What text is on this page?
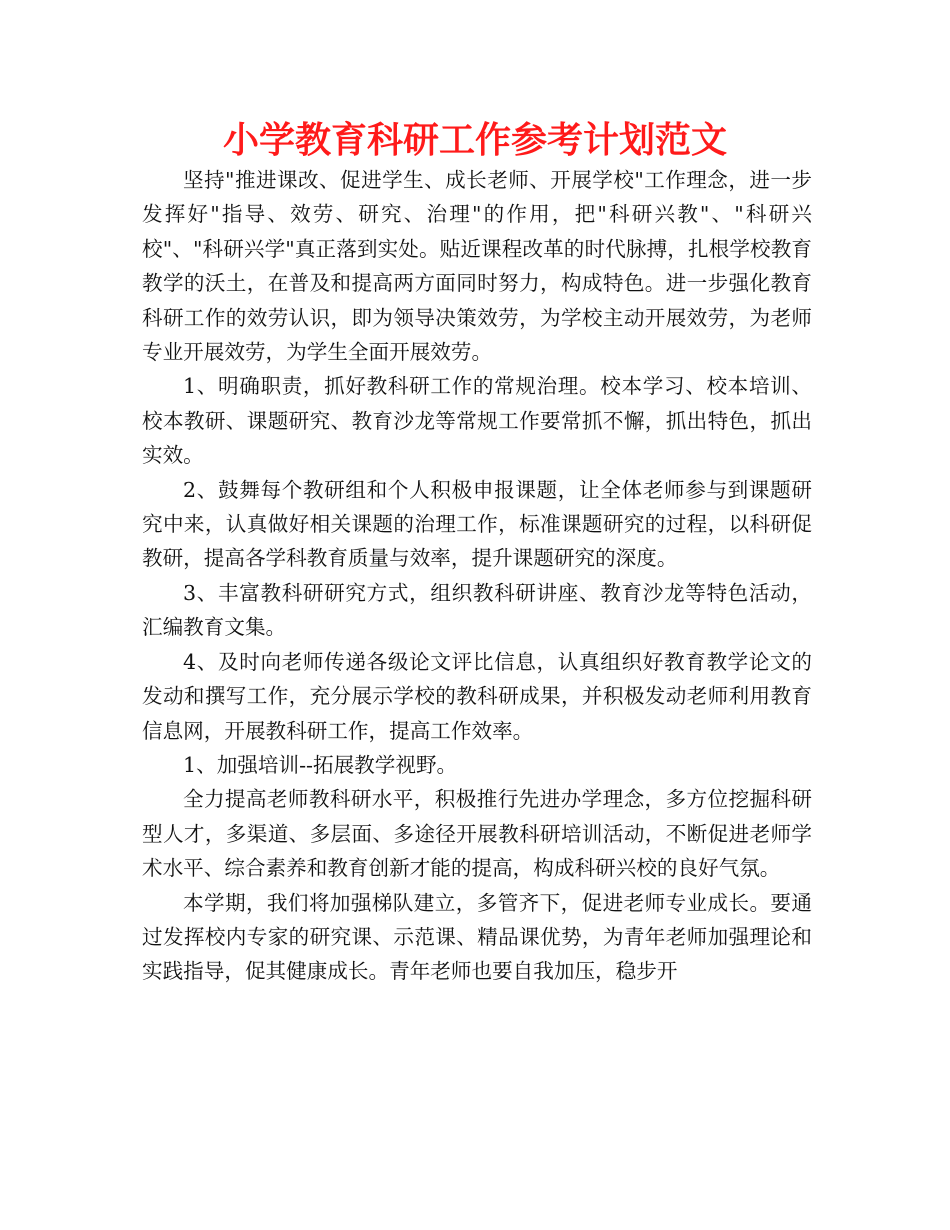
小学教育科研工作参考计划范文

坚持"推进课改、促进学生、成长老师、开展学校"工作理念，进一步发挥好"指导、效劳、研究、治理"的作用，把"科研兴教"、"科研兴校"、"科研兴学"真正落到实处。贴近课程改革的时代脉搏，扎根学校教育教学的沃土，在普及和提高两方面同时努力，构成特色。进一步强化教育科研工作的效劳认识，即为领导决策效劳，为学校主动开展效劳，为老师专业开展效劳，为学生全面开展效劳。

1、明确职责，抓好教科研工作的常规治理。校本学习、校本培训、校本教研、课题研究、教育沙龙等常规工作要常抓不懈，抓出特色，抓出实效。

2、鼓舞每个教研组和个人积极申报课题，让全体老师参与到课题研究中来，认真做好相关课题的治理工作，标准课题研究的过程，以科研促教研，提高各学科教育质量与效率，提升课题研究的深度。

3、丰富教科研研究方式，组织教科研讲座、教育沙龙等特色活动，汇编教育文集。

4、及时向老师传递各级论文评比信息，认真组织好教育教学论文的发动和撰写工作，充分展示学校的教科研成果，并积极发动老师利用教育信息网，开展教科研工作，提高工作效率。

1、加强培训--拓展教学视野。

全力提高老师教科研水平，积极推行先进办学理念，多方位挖掘科研型人才，多渠道、多层面、多途径开展教科研培训活动，不断促进老师学术水平、综合素养和教育创新才能的提高，构成科研兴校的良好气氛。

本学期，我们将加强梯队建立，多管齐下，促进老师专业成长。要通过发挥校内专家的研究课、示范课、精品课优势，为青年老师加强理论和实践指导，促其健康成长。青年老师也要自我加压，稳步开
